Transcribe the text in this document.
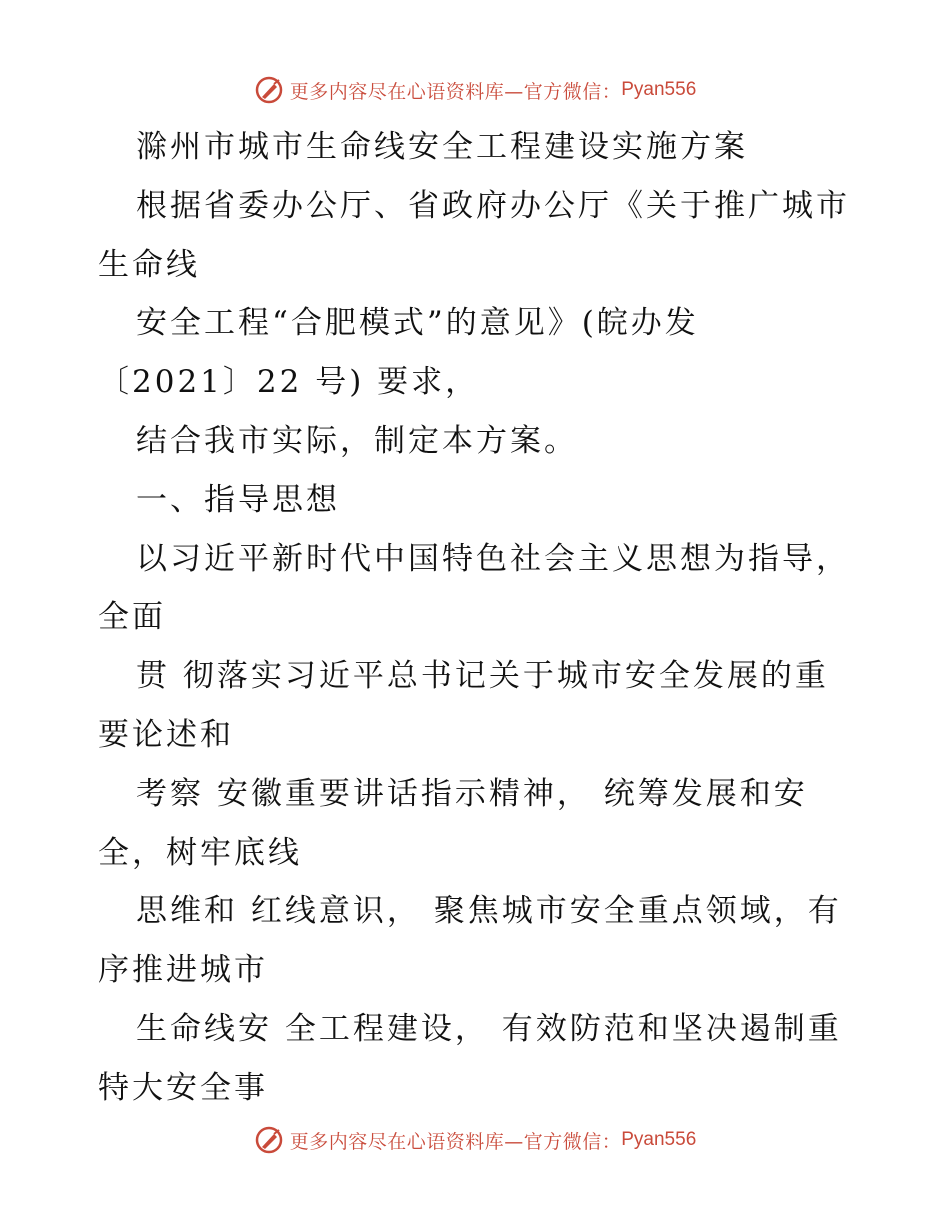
更多内容尽在心语资料库—官方微信： Pyan556
滁州市城市生命线安全工程建设实施方案
根据省委办公厅、省政府办公厅《关于推广城市
生命线
安全工程“合肥模式”的意见》(皖办发
〔2021〕22 号) 要求，
结合我市实际，制定本方案。
一、指导思想
以习近平新时代中国特色社会主义思想为指导，
全面
贯 彻落实习近平总书记关于城市安全发展的重
要论述和
考察 安徽重要讲话指示精神， 统筹发展和安
全，树牢底线
思维和 红线意识， 聚焦城市安全重点领域，有
序推进城市
生命线安 全工程建设， 有效防范和坚决遏制重
特大安全事
更多内容尽在心语资料库—官方微信： Pyan556
